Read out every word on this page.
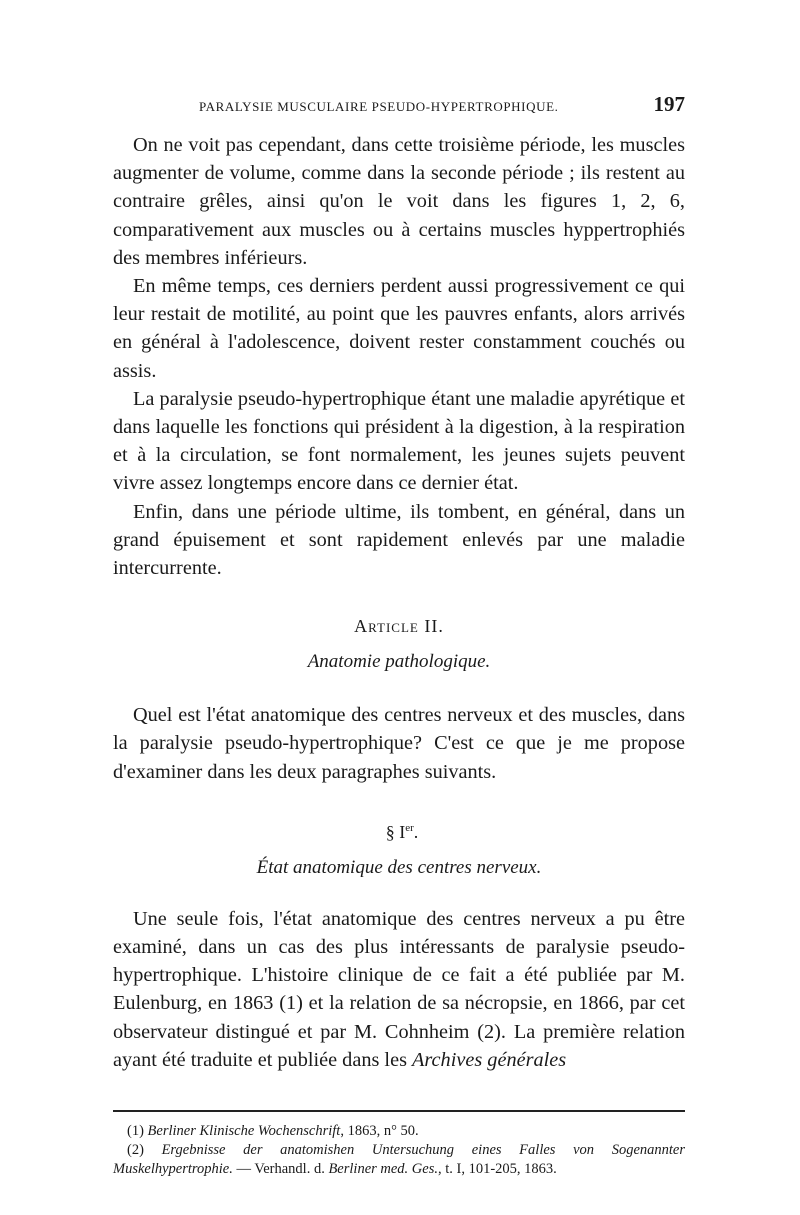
PARALYSIE MUSCULAIRE PSEUDO-HYPERTROPHIQUE.	197

On ne voit pas cependant, dans cette troisième période, les muscles augmenter de volume, comme dans la seconde période ; ils restent au contraire grêles, ainsi qu'on le voit dans les figures 1, 2, 6, comparativement aux muscles ou à certains muscles hyppertrophiés des membres inférieurs.

En même temps, ces derniers perdent aussi progressivement ce qui leur restait de motilité, au point que les pauvres enfants, alors arrivés en général à l'adolescence, doivent rester constamment couchés ou assis.

La paralysie pseudo-hypertrophique étant une maladie apyrétique et dans laquelle les fonctions qui président à la digestion, à la respiration et à la circulation, se font normalement, les jeunes sujets peuvent vivre assez longtemps encore dans ce dernier état.

Enfin, dans une période ultime, ils tombent, en général, dans un grand épuisement et sont rapidement enlevés par une maladie intercurrente.

Article II.
Anatomie pathologique.

Quel est l'état anatomique des centres nerveux et des muscles, dans la paralysie pseudo-hypertrophique? C'est ce que je me propose d'examiner dans les deux paragraphes suivants.

§ Ier.
État anatomique des centres nerveux.

Une seule fois, l'état anatomique des centres nerveux a pu être examiné, dans un cas des plus intéressants de paralysie pseudo-hypertrophique. L'histoire clinique de ce fait a été publiée par M. Eulenburg, en 1863 (1) et la relation de sa nécropsie, en 1866, par cet observateur distingué et par M. Cohnheim (2). La première relation ayant été traduite et publiée dans les Archives générales

(1) Berliner Klinische Wochenschrift, 1863, n° 50.

(2) Ergebnisse der anatomishen Untersuchung eines Falles von Sogenannter Muskelhypertrophie. — Verhandl. d. Berliner med. Ges., t. I, 101-205, 1863.
